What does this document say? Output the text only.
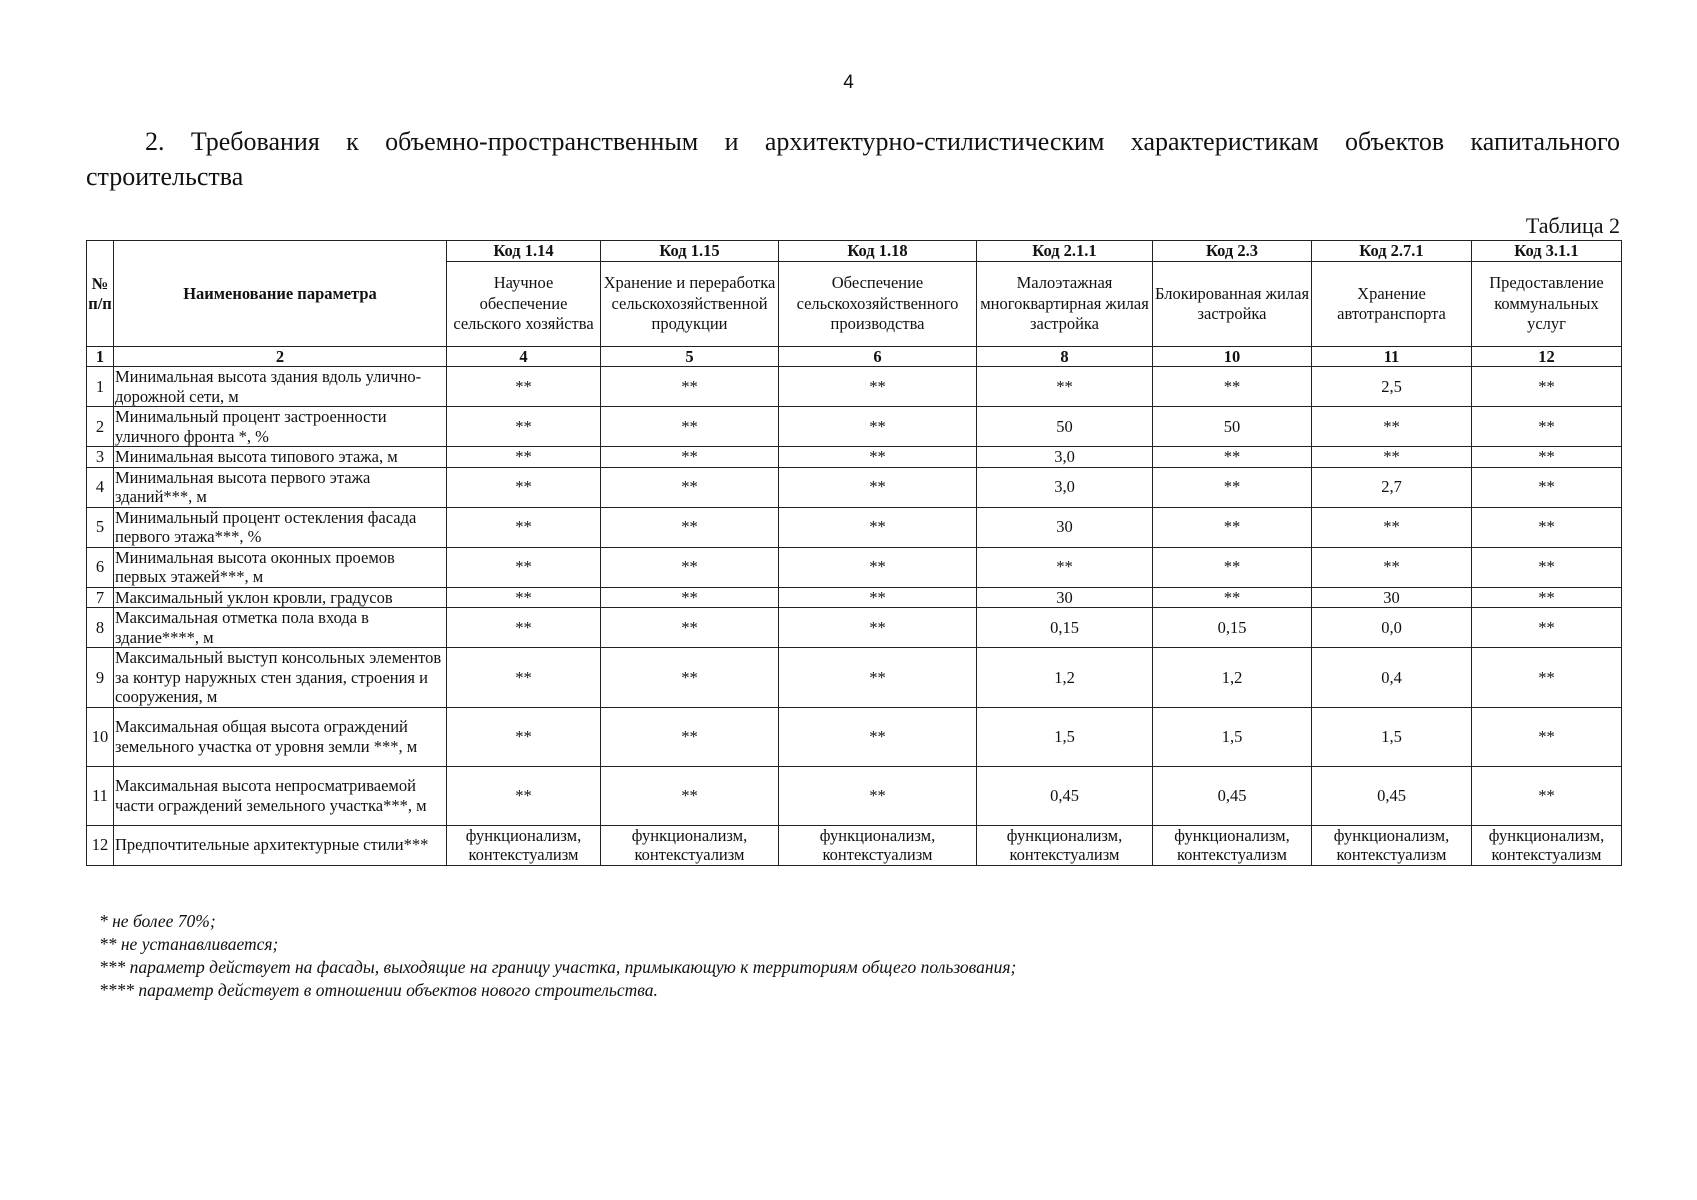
4
2. Требования к объемно-пространственным и архитектурно-стилистическим характеристикам объектов капитального строительства
Таблица 2
№ п/п	Наименование параметра	Код 1.14	Код 1.15	Код 1.18	Код 2.1.1	Код 2.3	Код 2.7.1	Код 3.1.1
		Научное обеспечение сельского хозяйства	Хранение и переработка сельскохозяйственной продукции	Обеспечение сельскохозяйственного производства	Малоэтажная многоквартирная жилая застройка	Блокированная жилая застройка	Хранение автотранспорта	Предоставление коммунальных услуг
1	2	4	5	6	8	10	11	12
1	Минимальная высота здания вдоль улично-дорожной сети, м	**	**	**	**	**	2,5	**
2	Минимальный процент застроенности уличного фронта *, %	**	**	**	50	50	**	**
3	Минимальная высота типового этажа, м	**	**	**	3,0	**	**	**
4	Минимальная высота первого этажа зданий***, м	**	**	**	3,0	**	2,7	**
5	Минимальный процент остекления фасада первого этажа***, %	**	**	**	30	**	**	**
6	Минимальная высота оконных проемов первых этажей***, м	**	**	**	**	**	**	**
7	Максимальный уклон кровли, градусов	**	**	**	30	**	30	**
8	Максимальная отметка пола входа в здание****, м	**	**	**	0,15	0,15	0,0	**
9	Максимальный выступ консольных элементов за контур наружных стен здания, строения и сооружения, м	**	**	**	1,2	1,2	0,4	**
10	Максимальная общая высота ограждений земельного участка от уровня земли ***, м	**	**	**	1,5	1,5	1,5	**
11	Максимальная высота непросматриваемой части ограждений земельного участка***, м	**	**	**	0,45	0,45	0,45	**
12	Предпочтительные архитектурные стили***	функционализм, контекстуализм	функционализм, контекстуализм	функционализм, контекстуализм	функционализм, контекстуализм	функционализм, контекстуализм	функционализм, контекстуализм	функционализм, контекстуализм
* не более 70%;
** не устанавливается;
*** параметр действует на фасады, выходящие на границу участка, примыкающую к территориям общего пользования;
**** параметр действует в отношении объектов нового строительства.
